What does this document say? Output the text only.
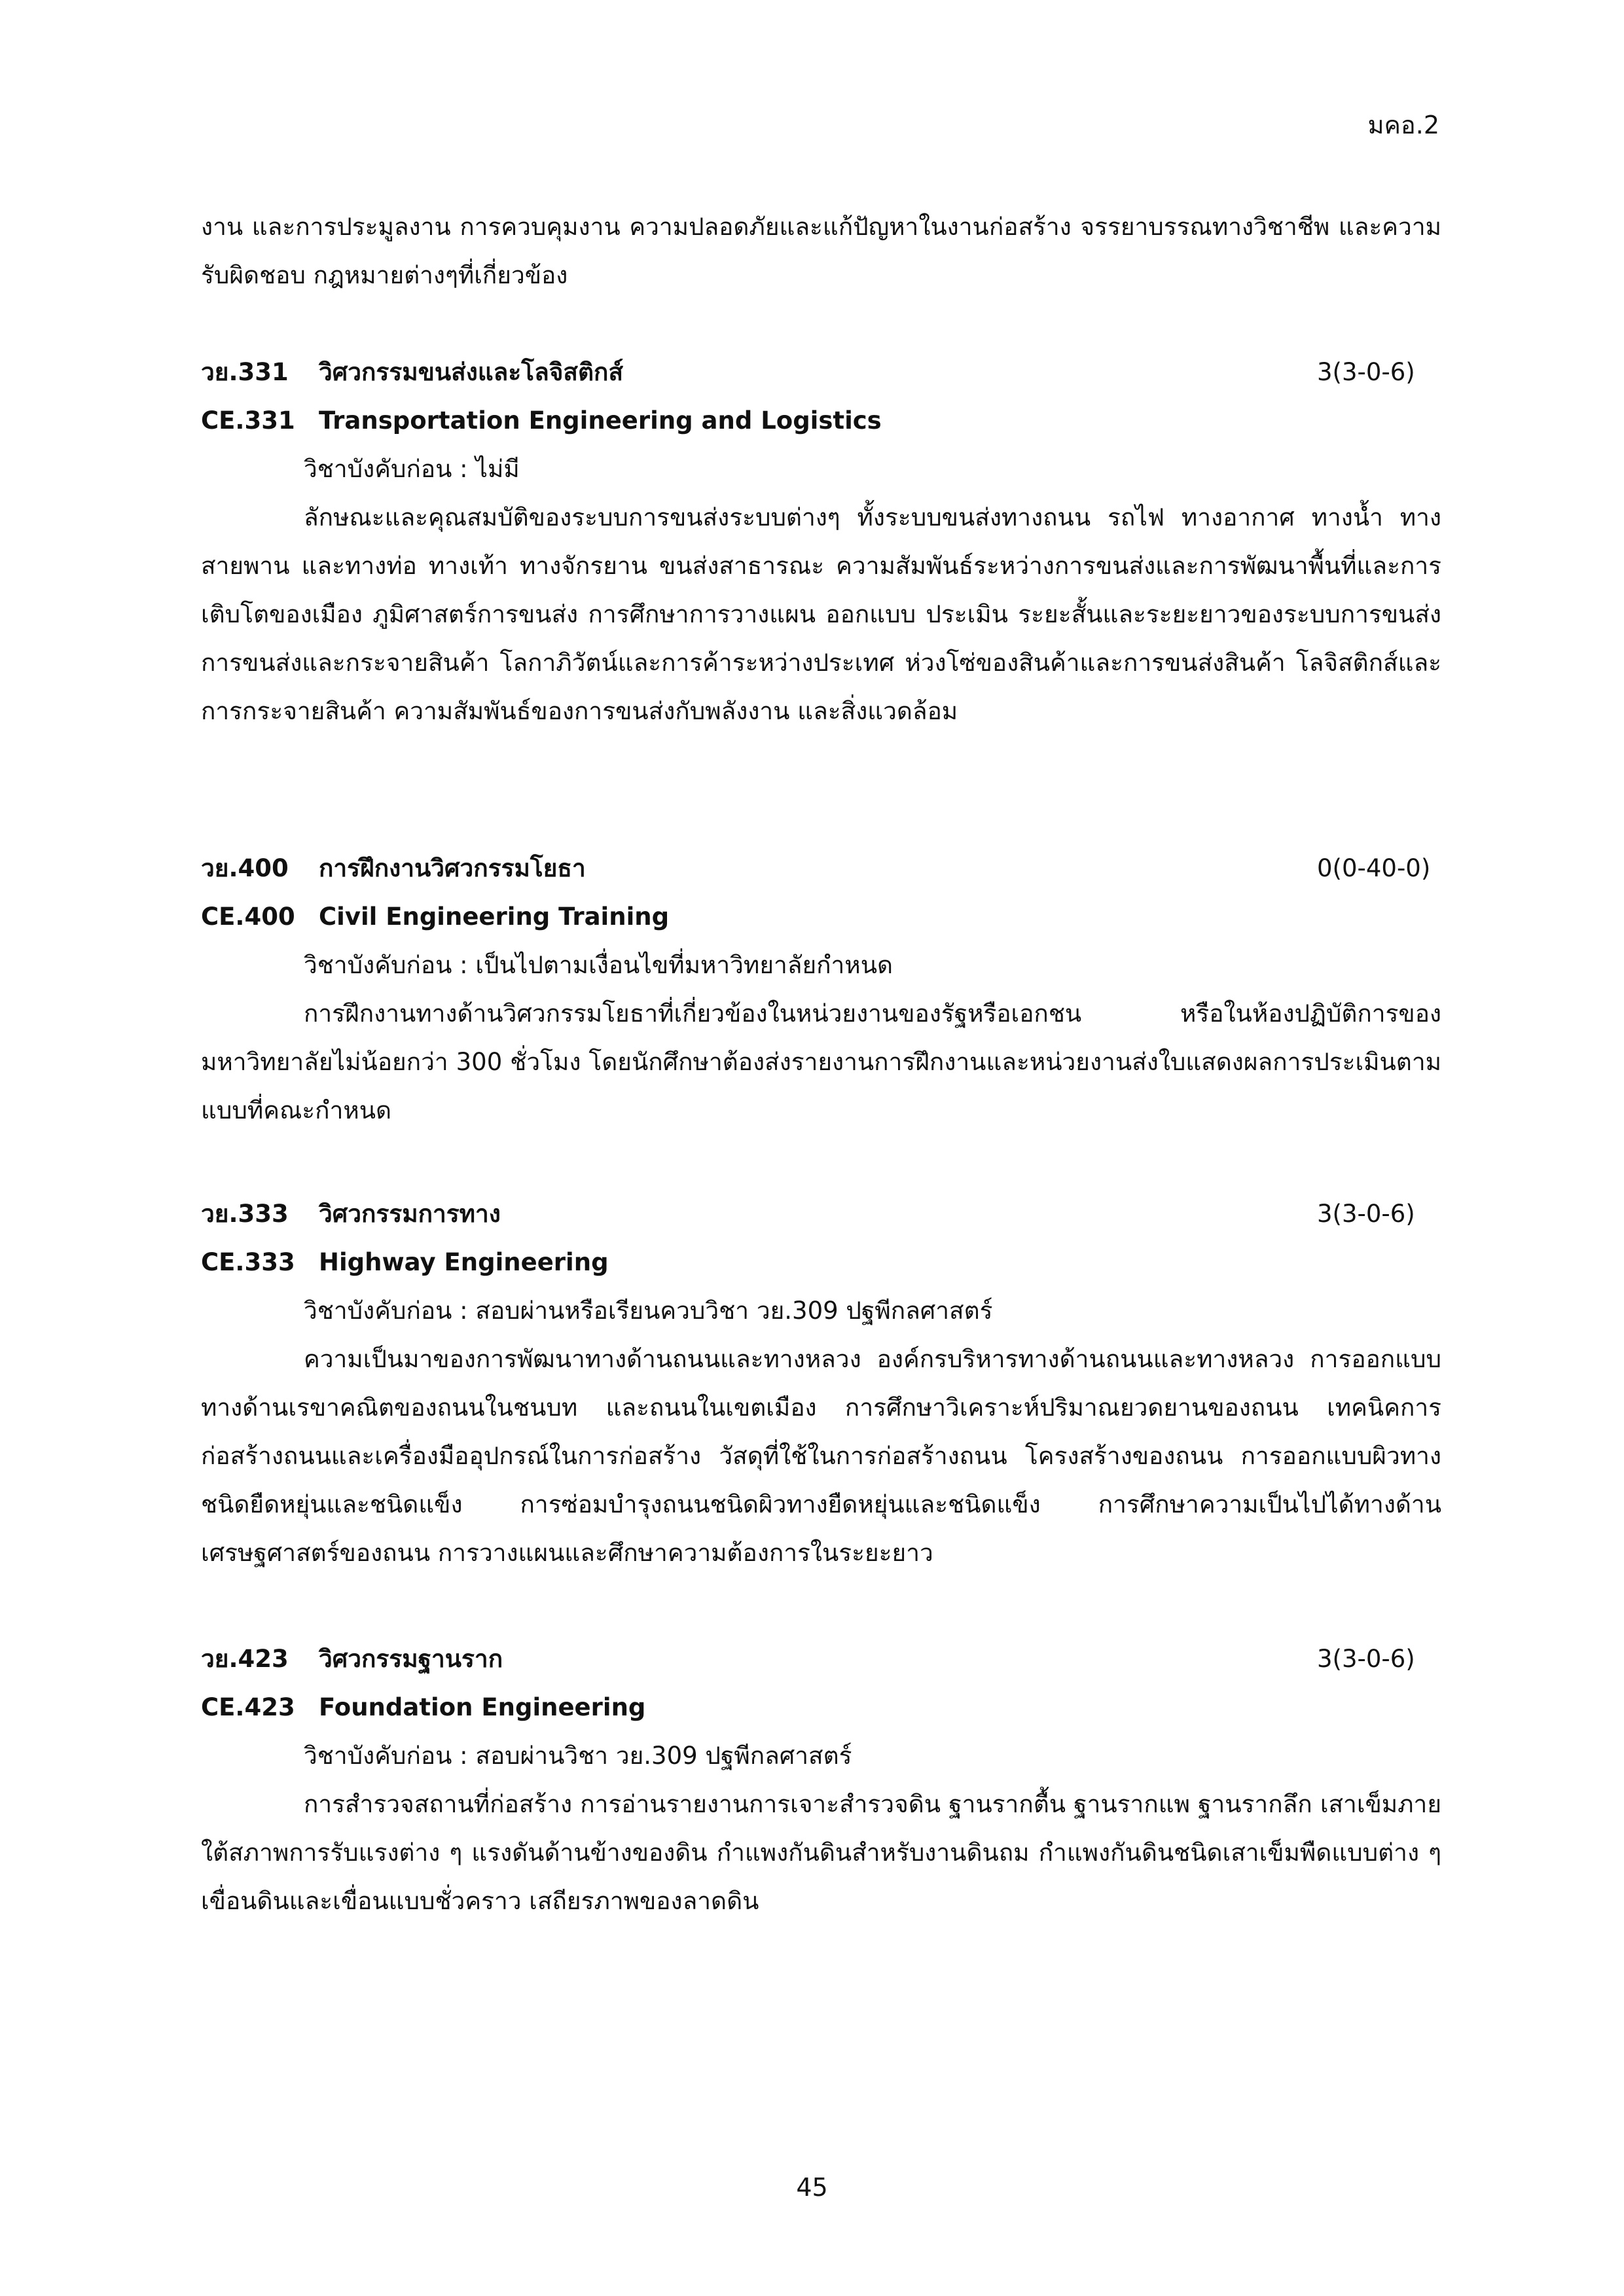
มคอ.2
งาน และการประมูลงาน การควบคุมงาน ความปลอดภัยและแก้ปัญหาในงานก่อสร้าง จรรยาบรรณทางวิชาชีพ และความรับผิดชอบ กฎหมายต่างๆที่เกี่ยวข้อง
วย.331 วิศวกรรมขนส่งและโลจิสติกส์	3(3-0-6)
CE.331 Transportation Engineering and Logistics
วิชาบังคับก่อน : ไม่มี
ลักษณะและคุณสมบัติของระบบการขนส่งระบบต่างๆ ทั้งระบบขนส่งทางถนน รถไฟ ทางอากาศ ทางน้ำ ทางสายพาน และทางท่อ ทางเท้า ทางจักรยาน ขนส่งสาธารณะ ความสัมพันธ์ระหว่างการขนส่งและการพัฒนาพื้นที่และการเติบโตของเมือง ภูมิศาสตร์การขนส่ง การศึกษาการวางแผน ออกแบบ ประเมิน ระยะสั้นและระยะยาวของระบบการขนส่ง การขนส่งและกระจายสินค้า โลกาภิวัตน์และการค้าระหว่างประเทศ ห่วงโซ่ของสินค้าและการขนส่งสินค้า โลจิสติกส์และการกระจายสินค้า ความสัมพันธ์ของการขนส่งกับพลังงาน และสิ่งแวดล้อม
วย.400 การฝึกงานวิศวกรรมโยธา	0(0-40-0)
CE.400 Civil Engineering Training
วิชาบังคับก่อน : เป็นไปตามเงื่อนไขที่มหาวิทยาลัยกำหนด
การฝึกงานทางด้านวิศวกรรมโยธาที่เกี่ยวข้องในหน่วยงานของรัฐหรือเอกชน หรือในห้องปฏิบัติการของมหาวิทยาลัยไม่น้อยกว่า 300 ชั่วโมง โดยนักศึกษาต้องส่งรายงานการฝึกงานและหน่วยงานส่งใบแสดงผลการประเมินตามแบบที่คณะกำหนด
วย.333 วิศวกรรมการทาง	3(3-0-6)
CE.333 Highway Engineering
วิชาบังคับก่อน : สอบผ่านหรือเรียนควบวิชา วย.309 ปฐพีกลศาสตร์
ความเป็นมาของการพัฒนาทางด้านถนนและทางหลวง องค์กรบริหารทางด้านถนนและทางหลวง การออกแบบทางด้านเรขาคณิตของถนนในชนบท และถนนในเขตเมือง การศึกษาวิเคราะห์ปริมาณยวดยานของถนน เทคนิคการก่อสร้างถนนและเครื่องมืออุปกรณ์ในการก่อสร้าง วัสดุที่ใช้ในการก่อสร้างถนน โครงสร้างของถนน การออกแบบผิวทางชนิดยืดหยุ่นและชนิดแข็ง การซ่อมบำรุงถนนชนิดผิวทางยืดหยุ่นและชนิดแข็ง การศึกษาความเป็นไปได้ทางด้านเศรษฐศาสตร์ของถนน การวางแผนและศึกษาความต้องการในระยะยาว
วย.423 วิศวกรรมฐานราก	3(3-0-6)
CE.423 Foundation Engineering
วิชาบังคับก่อน : สอบผ่านวิชา วย.309 ปฐพีกลศาสตร์
การสำรวจสถานที่ก่อสร้าง การอ่านรายงานการเจาะสำรวจดิน ฐานรากตื้น ฐานรากแพ ฐานรากลึก เสาเข็มภายใต้สภาพการรับแรงต่าง ๆ แรงดันด้านข้างของดิน กำแพงกันดินสำหรับงานดินถม กำแพงกันดินชนิดเสาเข็มพืดแบบต่าง ๆ เขื่อนดินและเขื่อนแบบชั่วคราว เสถียรภาพของลาดดิน
45
